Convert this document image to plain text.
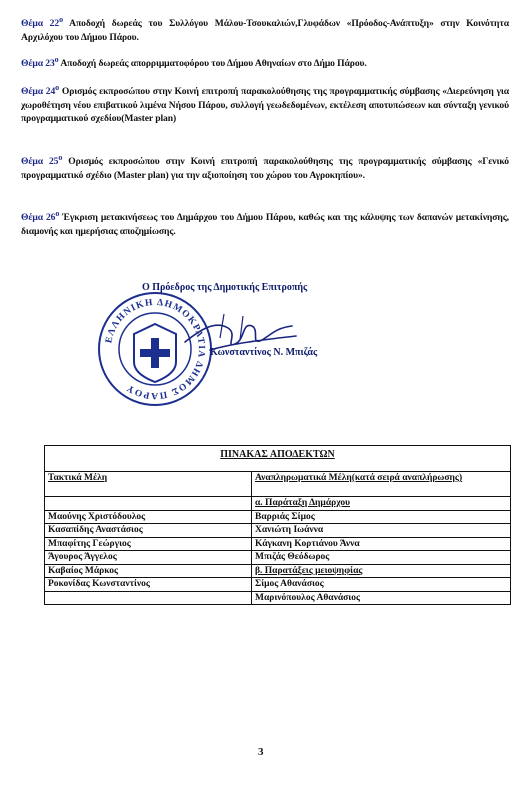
Θέμα $22^o$ Αποδοχή δωρεάς του Συλλόγου Μάλου-Τσουκαλιών,Γλυφάδων «Πρόοδος-Ανάπτυξη» στην Κοινότητα Αρχιλόχου του Δήμου Πάρου.
Θέμα $23^o$ Αποδοχή δωρεάς απορριμματοφόρου του Δήμου Αθηναίων στο Δήμο Πάρου.
Θέμα $24^o$ Ορισμός εκπροσώπου στην Κοινή επιτροπή παρακολούθησης της προγραμματικής σύμβασης «Διερεύνηση για χωροθέτηση νέου επιβατικού λιμένα Νήσου Πάρου, συλλογή γεωδεδομένων, εκτέλεση αποτυπώσεων και σύνταξη γενικού προγραμματικού σχεδίου(Master plan)
Θέμα $25^o$ Ορισμός εκπροσώπου στην Κοινή επιτροπή παρακολούθησης της προγραμματικής σύμβασης «Γενικό προγραμματικό σχέδιο (Master plan) για την αξιοποίηση του χώρου του Αγροκηπίου».
Θέμα $26^o$ Έγκριση μετακινήσεως του Δημάρχου του Δήμου Πάρου, καθώς και της κάλυψης των δαπανών μετακίνησης, διαμονής και ημερήσιας αποζημίωσης.
ΕΛΛΗΝΙΚΗ ΔΗΜΟΚΡΑΤΙΑ ΔΗΜΟΣ ΠΑΡΟΥ
Ο Πρόεδρος της Δημοτικής Επιτροπής
Κωνσταντίνος Ν. Μπιζάς
ΠΙΝΑΚΑΣ ΑΠΟΔΕΚΤΩΝ
Τακτικά Μέλη	Αναπληρωματικά Μέλη(κατά σειρά αναπλήρωσης)
	α. Παράταξη Δημάρχου
Μαούνης Χριστόδουλος	Βαρριάς Σίμος
Κασαπίδης Αναστάσιος	Χανιώτη Ιωάννα
Μπαφίτης Γεώργιος	Κάγκανη Κορτιάνου Άννα
Άγουρος Άγγελος	Μπιζάς Θεόδωρος
Καβαίος Μάρκος	β. Παρατάξεις μειοψηφίας
Ροκονίδας Κωνσταντίνος	Σίμος Αθανάσιος
	Μαρινόπουλος Αθανάσιος
3
